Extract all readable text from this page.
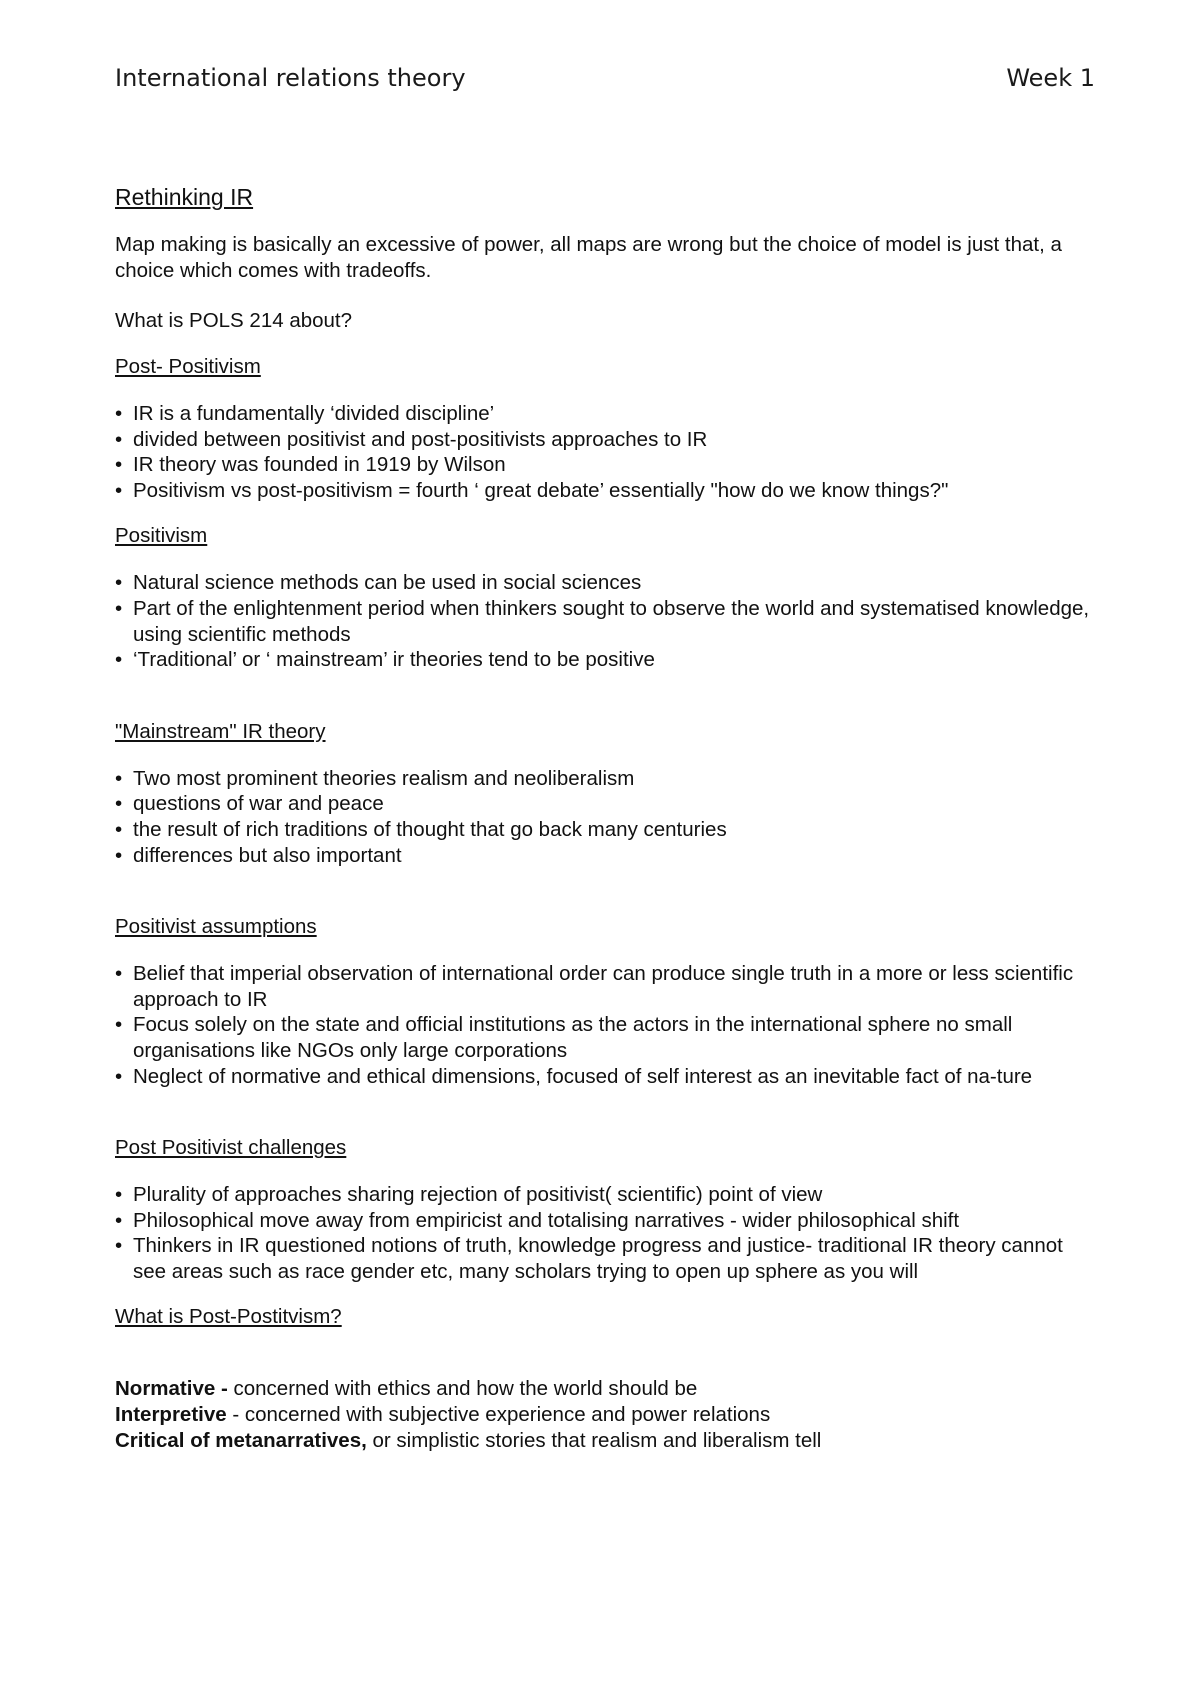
International relations theory	Week 1
Rethinking IR

Map making is basically an excessive of power, all maps are wrong but the choice of model is just that, a choice which comes with tradeoffs.

What is POLS 214 about?

Post- Positivism
• IR is a fundamentally ‘divided discipline’
• divided between positivist and post-positivists approaches to IR
• IR theory was founded in 1919 by Wilson
• Positivism vs post-positivism = fourth ‘ great debate’ essentially "how do we know things?"
Positivism
• Natural science methods can be used in social sciences
• Part of the enlightenment period when thinkers sought to observe the world and systematised knowledge, using scientific methods
• ‘Traditional’ or ‘ mainstream’ ir theories tend to be positive
"Mainstream" IR theory
• Two most prominent theories realism and neoliberalism
• questions of war and peace
• the result of rich traditions of thought that go back many centuries
• differences but also important
Positivist assumptions
• Belief that imperial observation of international order can produce single truth in a more or less scientific approach to IR
• Focus solely on the state and official institutions as the actors in the international sphere no small organisations like NGOs only large corporations
• Neglect of normative and ethical dimensions, focused of self interest as an inevitable fact of na-ture
Post Positivist challenges
• Plurality of approaches sharing rejection of positivist( scientific) point of view
• Philosophical move away from empiricist and totalising narratives - wider philosophical shift
• Thinkers in IR questioned notions of truth, knowledge progress and justice- traditional IR theory cannot see areas such as race gender etc, many scholars trying to open up sphere as you will
What is Post-Postitvism?

Normative - concerned with ethics and how the world should be

Interpretive - concerned with subjective experience and power relations

Critical of metanarratives, or simplistic stories that realism and liberalism tell
